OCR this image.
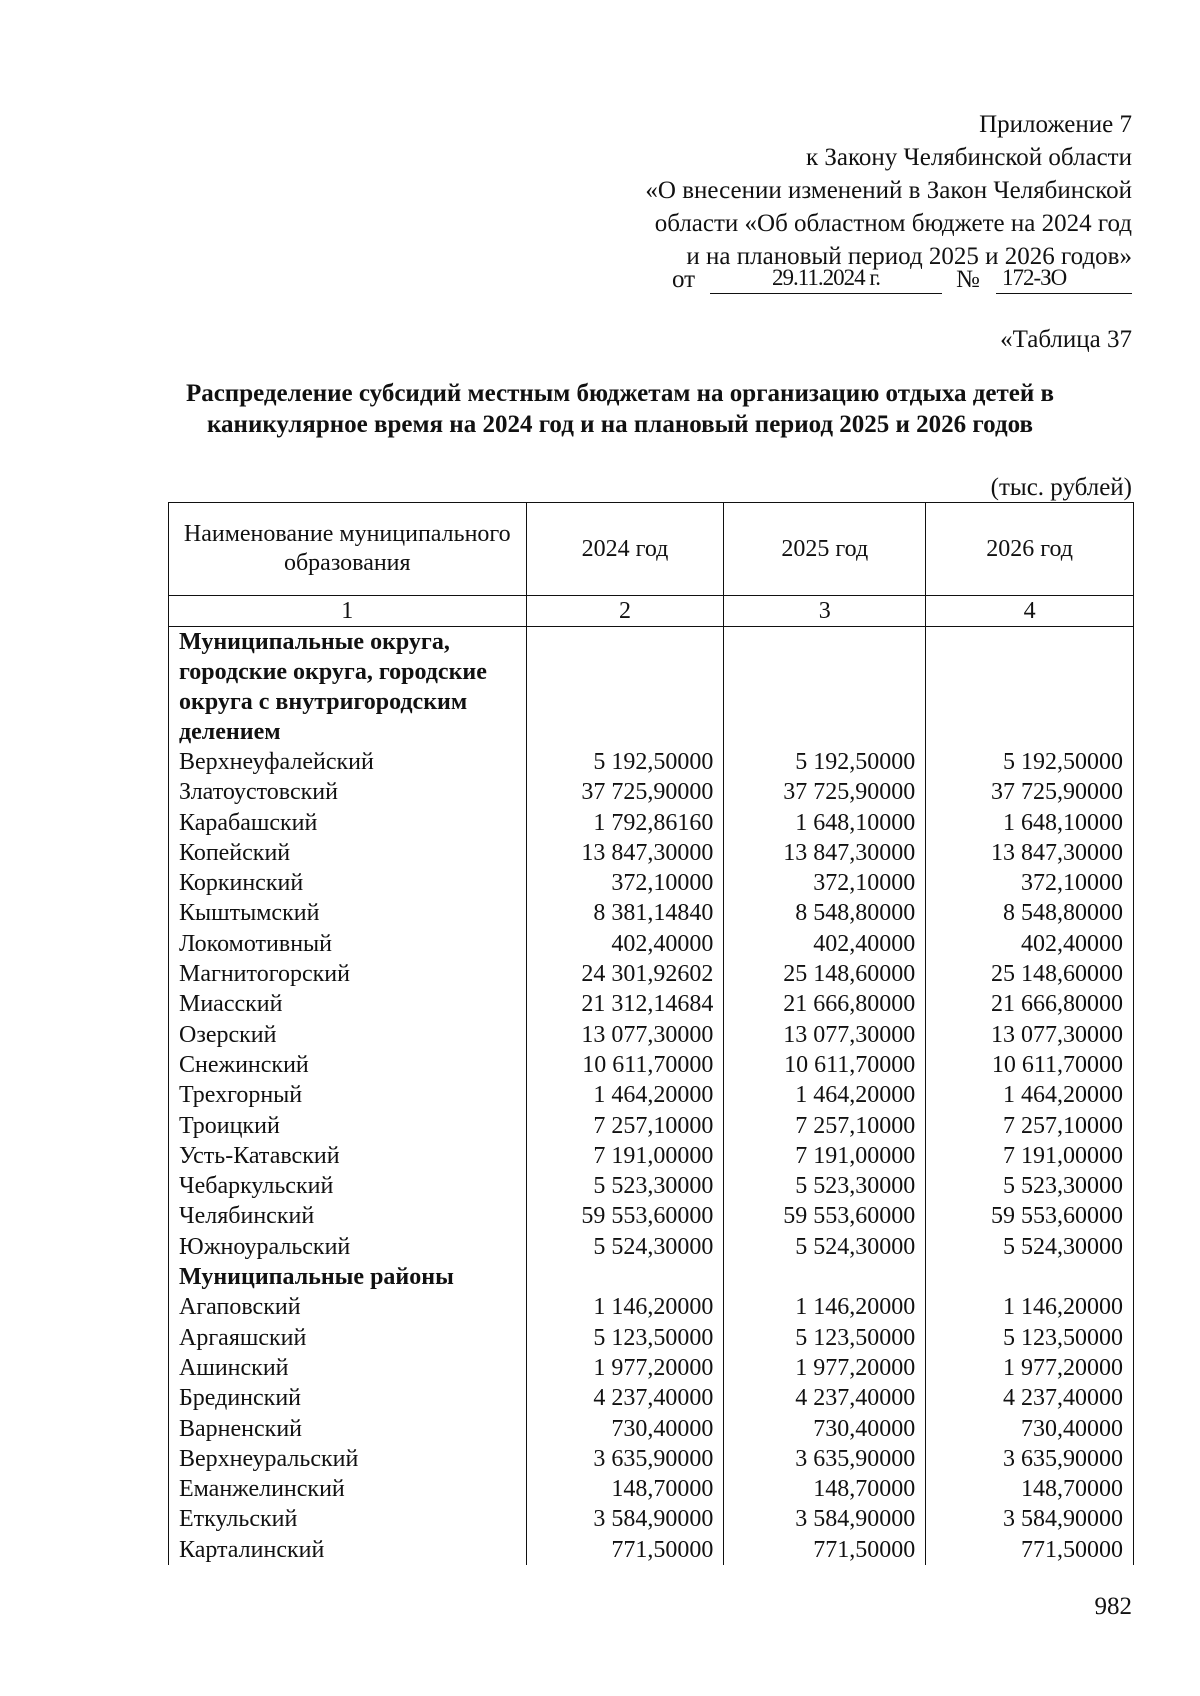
Приложение 7
к Закону Челябинской области
«О внесении изменений в Закон Челябинской
области «Об областном бюджете на 2024 год
и на плановый период 2025 и 2026 годов»
от	29.11.2024 г.	№ 172-ЗО
«Таблица 37
Распределение субсидий местным бюджетам на организацию отдыха детей в каникулярное время на 2024 год и на плановый период 2025 и 2026 годов
(тыс. рублей)
Наименование муниципального образования	2024 год	2025 год	2026 год
1	2	3	4
Муниципальные округа, городские округа, городские округа с внутригородским делением			
Верхнеуфалейский	5 192,50000	5 192,50000	5 192,50000
Златоустовский	37 725,90000	37 725,90000	37 725,90000
Карабашский	1 792,86160	1 648,10000	1 648,10000
Копейский	13 847,30000	13 847,30000	13 847,30000
Коркинский	372,10000	372,10000	372,10000
Кыштымский	8 381,14840	8 548,80000	8 548,80000
Локомотивный	402,40000	402,40000	402,40000
Магнитогорский	24 301,92602	25 148,60000	25 148,60000
Миасский	21 312,14684	21 666,80000	21 666,80000
Озерский	13 077,30000	13 077,30000	13 077,30000
Снежинский	10 611,70000	10 611,70000	10 611,70000
Трехгорный	1 464,20000	1 464,20000	1 464,20000
Троицкий	7 257,10000	7 257,10000	7 257,10000
Усть-Катавский	7 191,00000	7 191,00000	7 191,00000
Чебаркульский	5 523,30000	5 523,30000	5 523,30000
Челябинский	59 553,60000	59 553,60000	59 553,60000
Южноуральский	5 524,30000	5 524,30000	5 524,30000
Муниципальные районы			
Агаповский	1 146,20000	1 146,20000	1 146,20000
Аргаяшский	5 123,50000	5 123,50000	5 123,50000
Ашинский	1 977,20000	1 977,20000	1 977,20000
Брединский	4 237,40000	4 237,40000	4 237,40000
Варненский	730,40000	730,40000	730,40000
Верхнеуральский	3 635,90000	3 635,90000	3 635,90000
Еманжелинский	148,70000	148,70000	148,70000
Еткульский	3 584,90000	3 584,90000	3 584,90000
Карталинский	771,50000	771,50000	771,50000
982
